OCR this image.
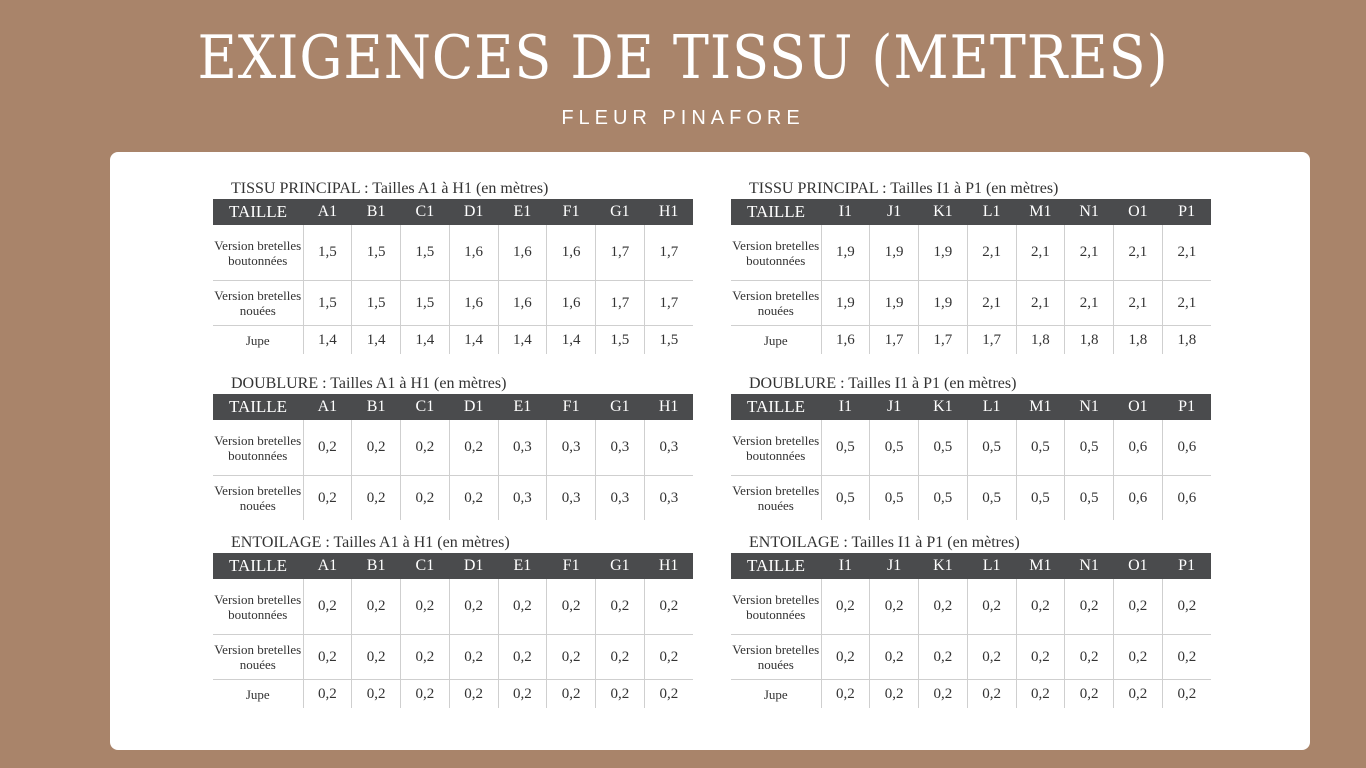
EXIGENCES DE TISSU (METRES)
FLEUR PINAFORE
TISSU PRINCIPAL : Tailles A1 à H1 (en mètres)
TAILLE	A1	B1	C1	D1	E1	F1	G1	H1
Version bretelles boutonnées	1,5	1,5	1,5	1,6	1,6	1,6	1,7	1,7
Version bretelles nouées	1,5	1,5	1,5	1,6	1,6	1,6	1,7	1,7
Jupe	1,4	1,4	1,4	1,4	1,4	1,4	1,5	1,5
TISSU PRINCIPAL : Tailles I1 à P1 (en mètres)
TAILLE	I1	J1	K1	L1	M1	N1	O1	P1
Version bretelles boutonnées	1,9	1,9	1,9	2,1	2,1	2,1	2,1	2,1
Version bretelles nouées	1,9	1,9	1,9	2,1	2,1	2,1	2,1	2,1
Jupe	1,6	1,7	1,7	1,7	1,8	1,8	1,8	1,8
DOUBLURE : Tailles A1 à H1 (en mètres)
TAILLE	A1	B1	C1	D1	E1	F1	G1	H1
Version bretelles boutonnées	0,2	0,2	0,2	0,2	0,3	0,3	0,3	0,3
Version bretelles nouées	0,2	0,2	0,2	0,2	0,3	0,3	0,3	0,3
DOUBLURE : Tailles I1 à P1 (en mètres)
TAILLE	I1	J1	K1	L1	M1	N1	O1	P1
Version bretelles boutonnées	0,5	0,5	0,5	0,5	0,5	0,5	0,6	0,6
Version bretelles nouées	0,5	0,5	0,5	0,5	0,5	0,5	0,6	0,6
ENTOILAGE : Tailles A1 à H1 (en mètres)
TAILLE	A1	B1	C1	D1	E1	F1	G1	H1
Version bretelles boutonnées	0,2	0,2	0,2	0,2	0,2	0,2	0,2	0,2
Version bretelles nouées	0,2	0,2	0,2	0,2	0,2	0,2	0,2	0,2
Jupe	0,2	0,2	0,2	0,2	0,2	0,2	0,2	0,2
ENTOILAGE : Tailles I1 à P1 (en mètres)
TAILLE	I1	J1	K1	L1	M1	N1	O1	P1
Version bretelles boutonnées	0,2	0,2	0,2	0,2	0,2	0,2	0,2	0,2
Version bretelles nouées	0,2	0,2	0,2	0,2	0,2	0,2	0,2	0,2
Jupe	0,2	0,2	0,2	0,2	0,2	0,2	0,2	0,2
